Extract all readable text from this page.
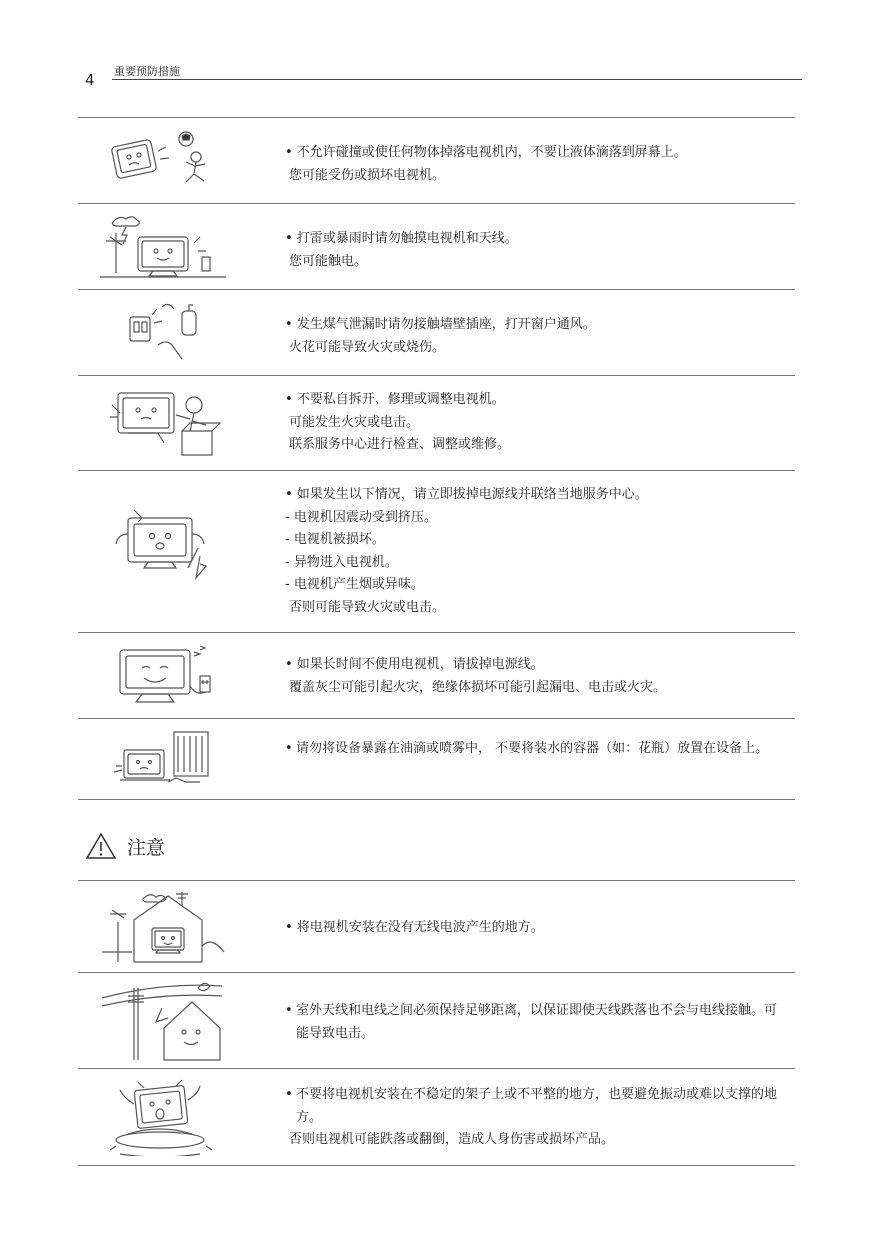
4 重要预防措施
• 不允许碰撞或使任何物体掉落电视机内，不要让液体滴落到屏幕上。
您可能受伤或损坏电视机。
• 打雷或暴雨时请勿触摸电视机和天线。
您可能触电。
• 发生煤气泄漏时请勿接触墙壁插座，打开窗户通风。
火花可能导致火灾或烧伤。
• 不要私自拆开、修理或调整电视机。
可能发生火灾或电击。
联系服务中心进行检查、调整或维修。
• 如果发生以下情况，请立即拔掉电源线并联络当地服务中心。
- 电视机因震动受到挤压。
- 电视机被损坏。
- 异物进入电视机。
- 电视机产生烟或异味。
否则可能导致火灾或电击。
• 如果长时间不使用电视机，请拔掉电源线。
覆盖灰尘可能引起火灾，绝缘体损坏可能引起漏电、电击或火灾。
• 请勿将设备暴露在油滴或喷雾中， 不要将装水的容器（如：花瓶）放置在设备上。
注意
• 将电视机安装在没有无线电波产生的地方。
• 室外天线和电线之间必须保持足够距离，以保证即使天线跌落也不会与电线接触。可能导致电击。
• 不要将电视机安装在不稳定的架子上或不平整的地方，也要避免振动或难以支撑的地方。
否则电视机可能跌落或翻倒，造成人身伤害或损坏产品。
